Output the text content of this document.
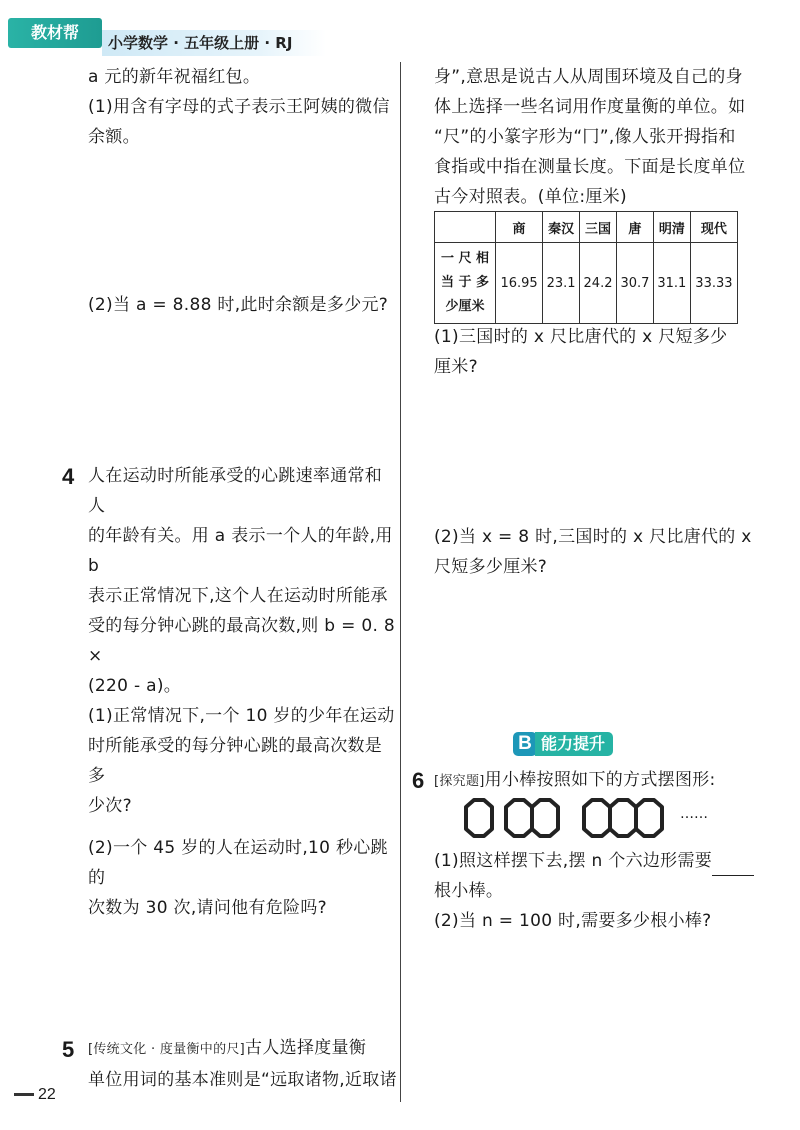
教材帮
小学数学 · 五年级上册 · RJ

a 元的新年祝福红包。

(1)用含有字母的式子表示王阿姨的微信

余额。

(2)当 a = 8.88 时,此时余额是多少元?

4 人在运动时所能承受的心跳速率通常和人

的年龄有关。用 a 表示一个人的年龄,用 b

表示正常情况下,这个人在运动时所能承

受的每分钟心跳的最高次数,则 b = 0. 8 ×

(220 - a)。

(1)正常情况下,一个 10 岁的少年在运动

时所能承受的每分钟心跳的最高次数是多

少次?

(2)一个 45 岁的人在运动时,10 秒心跳的

次数为 30 次,请问他有危险吗?

5 [传统文化 · 度量衡中的尺]古人选择度量衡

单位用词的基本准则是“远取诸物,近取诸

身”,意思是说古人从周围环境及自己的身

体上选择一些名词用作度量衡的单位。如

“尺”的小篆字形为“冂”,像人张开拇指和

食指或中指在测量长度。下面是长度单位

古今对照表。(单位:厘米)

	商	秦汉	三国	唐	明清	现代

一 尺 相
当 于 多
少厘米	16.95	23.1	24.2	30.7	31.1	33.33

(1)三国时的 x 尺比唐代的 x 尺短多少

厘米?

(2)当 x = 8 时,三国时的 x 尺比唐代的 x

尺短多少厘米?

B 能力提升
6 [探究题]用小棒按照如下的方式摆图形:

……

(1)照这样摆下去,摆 n 个六边形需要

根小棒。

(2)当 n = 100 时,需要多少根小棒?

22
